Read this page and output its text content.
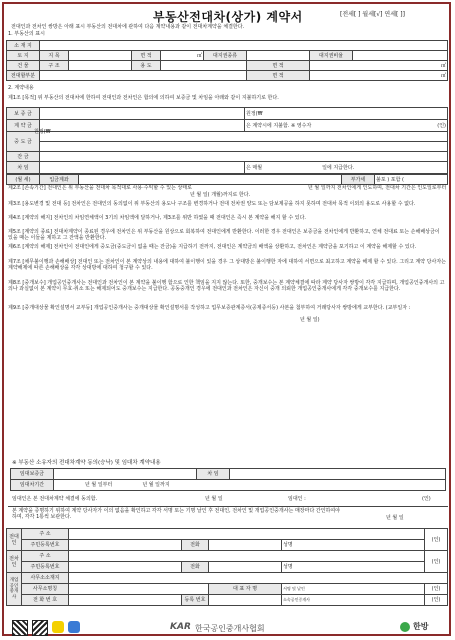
부동산전대차(상가) 계약서	[전세[ ] 월세[√] 연세[ ]]
전대인과 전차인 쌍방은 아래 표시 부동산의 전대차에 관하여 다음 계약내용과 같이 전대차계약을 체결한다.
1. 부동산의 표시
소 재 지								
토 지	지 목		면 적	㎡	대지권종류		대지권비율	
건 물	구 조		용 도			면 적	㎡	
전대할부분						면 적	㎡	
2. 계약내용
제1조 [목적] 위 부동산의 전대차에 한하여 전대인과 전차인은 합의에 의하여 보증금 및 차임을 아래와 같이 지불하기로 한다.
보 증 금		원정(₩
계 약 금		은 계약시에 지불함. ※ 영수자 (인)

중 도 금		

잔 금		
차 임		은 매월 일에 지급한다.
원정(₩
(월 세)	입금계좌		부가세	불포 ) 포함 (
제2조 [존속기간] 전대인은 위 부동산을 전대차 목적대로 사용·수익할 수 있는 상태로	년 월 일까지 전차인에게 인도하며, 전대차 기간은 인도일로부터
년 월 일( 개월)까지로 한다.
제3조 [용도변경 및 전대 등] 전차인은 전대인의 동의없이 위 부동산의 용도나 구조를 변경하거나 전대 전차권 양도 또는 담보제공을 하지 못하며 전대차 목적 이외의 용도로 사용할 수 없다.
제4조 [계약의 해지] 전차인의 차임연체액이 3기의 차임액에 달하거나, 제3조를 위반 하였을 때 전대인은 즉시 본 계약을 해지 할 수 있다.
제5조 [계약의 종료] 전대차계약이 종료된 경우에 전차인은 위 부동산을 원상으로 회복하여 전대인에게 반환한다. 이러한 경우 전대인은 보증금을 전차인에게 반환하고, 연체 전대료 또는 손해배상금이 있을 때는 이들을 제하고 그 잔액을 반환한다.
제6조 [계약의 해제] 전차인이 전대인에게 중도금(중도금이 없을 때는 잔금)을 지급하기 전까지, 전대인은 계약금의 배액을 상환하고, 전차인은 계약금을 포기하고 이 계약을 해제할 수 있다.
제7조 [채무불이행과 손해배상] 전대인 또는 전차인이 본 계약상의 내용에 대하여 불이행이 있을 경우 그 상대방은 불이행한 자에 대하여 서면으로 최고하고 계약을 해제 할 수 있다. 그리고 계약 당사자는 계약해제에 따른 손해배상을 각각 상대방에 대하여 청구할 수 있다.
제8조 [중개보수] 개업공인중개사는 전대인과 전차인이 본 계약을 불이행 함으로 인한 책임을 지지 않는다. 또한, 중개보수는 본 계약체결에 따라 계약 당사자 쌍방이 각각 지급하며, 개업공인중개사의 고의나 과실없이 본 계약이 무효·취소 또는 해제되어도 중개보수는 지급한다. 공동중개인 경우에 전대인과 전차인은 자신이 중개 의뢰한 개업공인중개사에게 각각 중개보수를 지급한다.
제9조 [중개대상물 확인설명서 교부등] 개업공인중개사는 중개대상물 확인설명서를 작성하고 업무보증관계증서(공제증서등) 사본을 첨부하여 거래당사자 쌍방에게 교부한다. (교부일자 :
년 월 일)
※ 부동산 소유자의 전대차계약 동의(승낙) 및 임대차 계약내용
임대보증금		차 임	
임대차기간	년 월 일부터 년 월 일까지		
임대인은 본 전대차계약 체결에 동의함.	년 월 일	임대인 :	(인)
본 계약을 증명하기 위하여 계약 당사자가 이의 없음을 확인하고 각각 서명 또는 기명 날인 후 전대인, 전차인 및 개업공인중개사는 매장마다 간인하여야 하며, 각각 1통씩 보관한다.	년 월 일
전대인	주 소					(인)
	주민등록번호		전화		성명	
전차인	주 소					(인)
	주민등록번호		전화		성명	
개업공인중개사	사무소소재지					
	사무소명칭			대 표 자 명	서명 및 날인	(인)
	전 화 번 호		등록 번호		소속공인중개사	(인)
KAR 한국공인중개사협회	한방
